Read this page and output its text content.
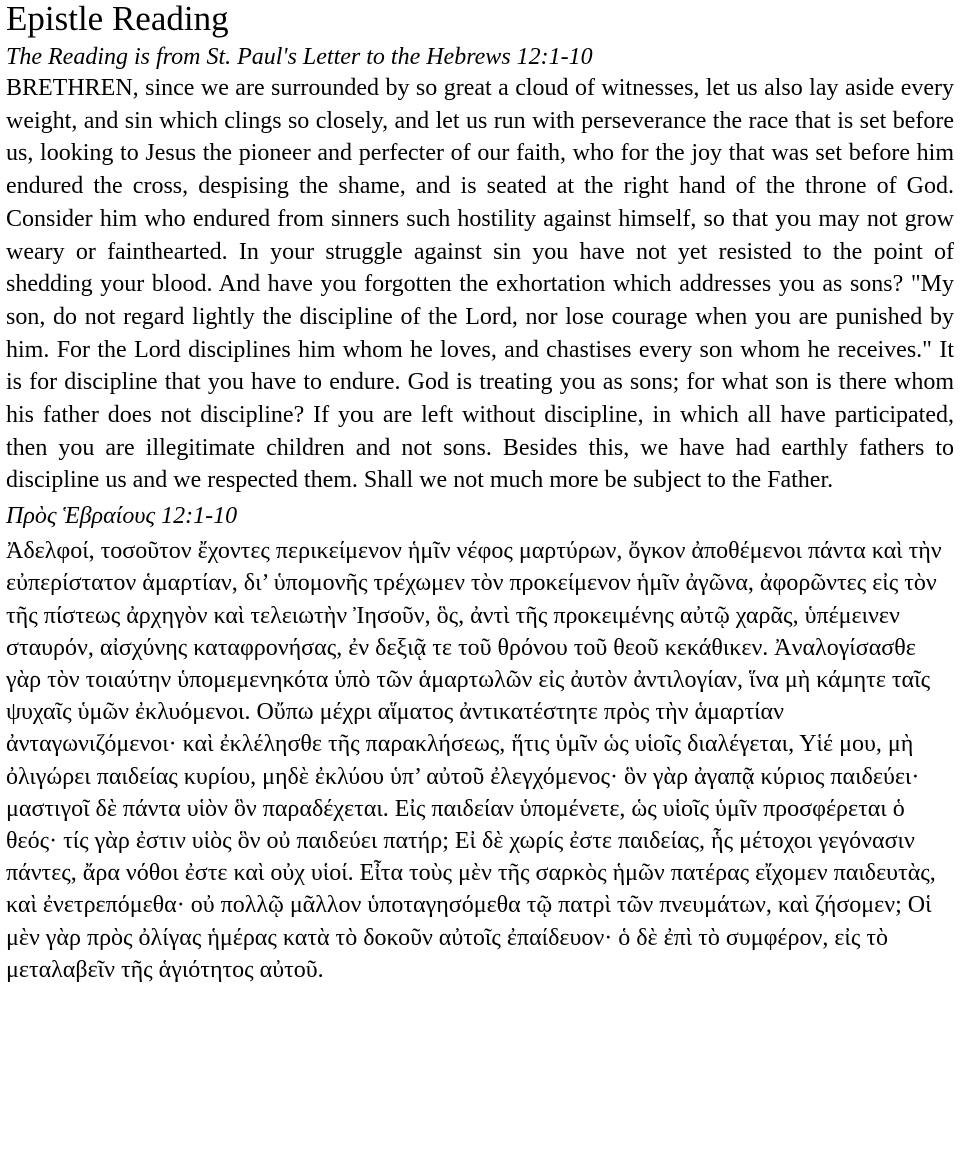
Epistle Reading
The Reading is from St. Paul's Letter to the Hebrews 12:1-10

BRETHREN, since we are surrounded by so great a cloud of witnesses, let us also lay aside every weight, and sin which clings so closely, and let us run with perseverance the race that is set before us, looking to Jesus the pioneer and perfecter of our faith, who for the joy that was set before him endured the cross, despising the shame, and is seated at the right hand of the throne of God. Consider him who endured from sinners such hostility against himself, so that you may not grow weary or fainthearted. In your struggle against sin you have not yet resisted to the point of shedding your blood. And have you forgotten the exhortation which addresses you as sons? "My son, do not regard lightly the discipline of the Lord, nor lose courage when you are punished by him. For the Lord disciplines him whom he loves, and chastises every son whom he receives." It is for discipline that you have to endure. God is treating you as sons; for what son is there whom his father does not discipline? If you are left without discipline, in which all have participated, then you are illegitimate children and not sons. Besides this, we have had earthly fathers to discipline us and we respected them. Shall we not much more be subject to the Father.

Πρὸς Ἑβραίους 12:1-10

Ἀδελφοί, τοσοῦτον ἔχοντες περικείμενον ἡμῖν νέφος μαρτύρων, ὄγκον ἀποθέμενοι πάντα καὶ τὴν εὐπερίστατον ἁμαρτίαν, δι’ ὑπομονῆς τρέχωμεν τὸν προκείμενον ἡμῖν ἀγῶνα, ἀφορῶντες εἰς τὸν τῆς πίστεως ἀρχηγὸν καὶ τελειωτὴν Ἰησοῦν, ὃς, ἀντὶ τῆς προκειμένης αὐτῷ χαρᾶς, ὑπέμεινεν σταυρόν, αἰσχύνης καταφρονήσας, ἐν δεξιᾷ τε τοῦ θρόνου τοῦ θεοῦ κεκάθικεν. Ἀναλογίσασθε γὰρ τὸν τοιαύτην ὑπομεμενηκότα ὑπὸ τῶν ἁμαρτωλῶν εἰς ἀυτὸν ἀντιλογίαν, ἵνα μὴ κάμητε ταῖς ψυχαῖς ὑμῶν ἐκλυόμενοι. Οὔπω μέχρι αἵματος ἀντικατέστητε πρὸς τὴν ἁμαρτίαν ἀνταγωνιζόμενοι· καὶ ἐκλέλησθε τῆς παρακλήσεως, ἥτις ὑμῖν ὡς υἱοῖς διαλέγεται, Υἱέ μου, μὴ ὀλιγώρει παιδείας κυρίου, μηδὲ ἐκλύου ὑπ’ αὐτοῦ ἐλεγχόμενος· ὃν γὰρ ἀγαπᾷ κύριος παιδεύει· μαστιγοῖ δὲ πάντα υἱὸν ὃν παραδέχεται. Εἰς παιδείαν ὑπομένετε, ὡς υἱοῖς ὑμῖν προσφέρεται ὁ θεός· τίς γὰρ ἐστιν υἱὸς ὃν οὐ παιδεύει πατήρ; Εἰ δὲ χωρίς ἐστε παιδείας, ἧς μέτοχοι γεγόνασιν πάντες, ἄρα νόθοι ἐστε καὶ οὐχ υἱοί. Εἶτα τοὺς μὲν τῆς σαρκὸς ἡμῶν πατέρας εἴχομεν παιδευτὰς, καὶ ἐνετρεπόμεθα· οὐ πολλῷ μᾶλλον ὑποταγησόμεθα τῷ πατρὶ τῶν πνευμάτων, καὶ ζήσομεν; Οἱ μὲν γὰρ πρὸς ὀλίγας ἡμέρας κατὰ τὸ δοκοῦν αὐτοῖς ἐπαίδευον· ὁ δὲ ἐπὶ τὸ συμφέρον, εἰς τὸ μεταλαβεῖν τῆς ἁγιότητος αὐτοῦ.
